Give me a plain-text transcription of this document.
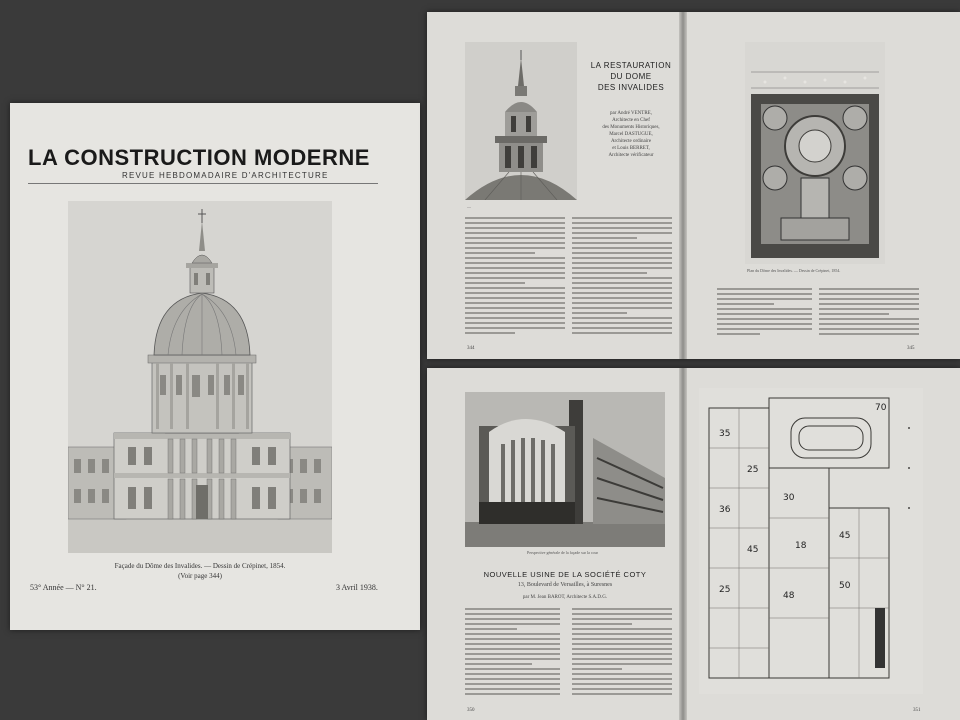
LA CONSTRUCTION MODERNE
REVUE HEBDOMADAIRE D'ARCHITECTURE
Façade du Dôme des Invalides. — Dessin de Crépinet, 1854.
(Voir page 344)
53° Année — N° 21.	3 Avril 1938.
—
LA RESTAURATION
DU DOME
DES INVALIDES
par André VENTRE,
Architecte en Chef
des Monuments Historiques,
Marcel DASTUGUE,
Architecte ordinaire
et Louis BERRET,
Architecte vérificateur
344
Plan du Dôme des Invalides. — Dessin de Crépinet, 1854.
345
Perspective générale de la façade sur la cour
NOUVELLE USINE DE LA SOCIÉTÉ COTY
13, Boulevard de Versailles, à Suresnes
par M. Jean BAROT, Architecte S.A.D.G.
350
35
25
70
36
30
45	18
25
45
48
50
351
